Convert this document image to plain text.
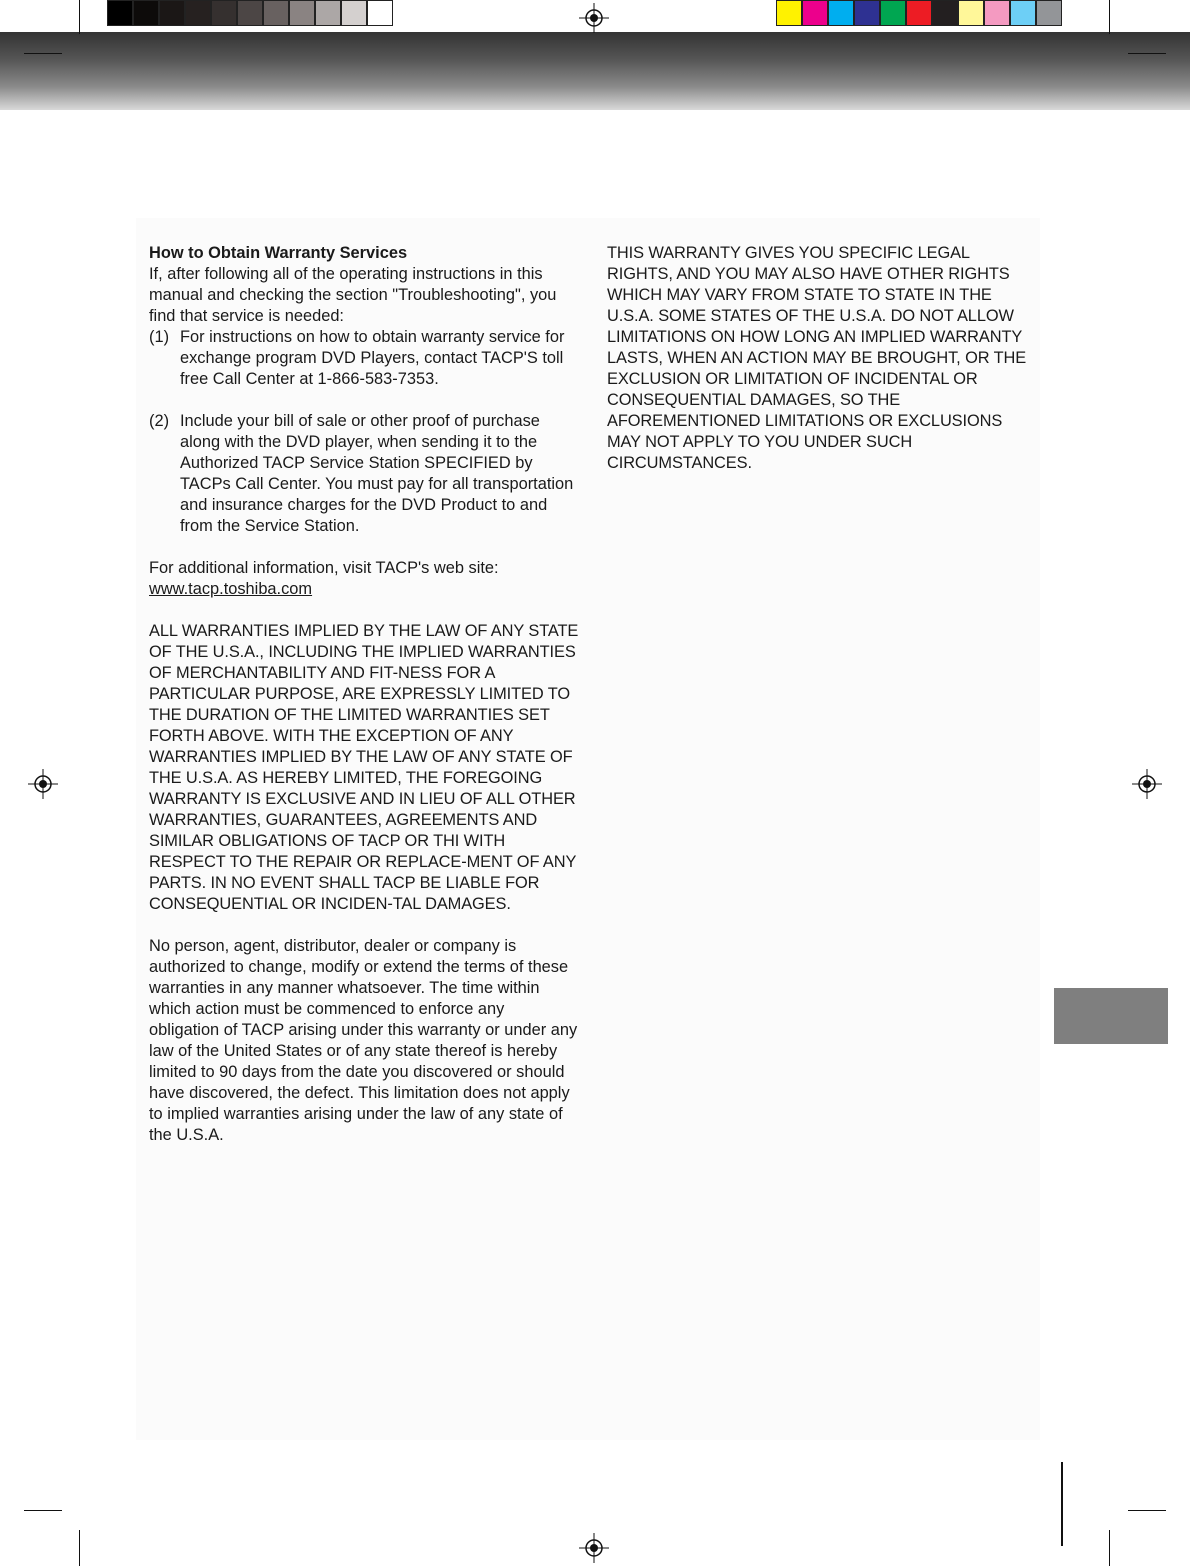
How to Obtain Warranty Services

If, after following all of the operating instructions in this manual and checking the section "Troubleshooting", you find that service is needed:

(1) For instructions on how to obtain warranty service for exchange program DVD Players, contact TACP'S toll free Call Center at 1-866-583-7353.
(2) Include your bill of sale or other proof of purchase along with the DVD player, when sending it to the Authorized TACP Service Station SPECIFIED by TACPs Call Center. You must pay for all transportation and insurance charges for the DVD Product to and from the Service Station.

For additional information, visit TACP's web site:

www.tacp.toshiba.com

ALL WARRANTIES IMPLIED BY THE LAW OF ANY STATE OF THE U.S.A., INCLUDING THE IMPLIED WARRANTIES OF MERCHANTABILITY AND FIT-NESS FOR A PARTICULAR PURPOSE, ARE EXPRESSLY LIMITED TO THE DURATION OF THE LIMITED WARRANTIES SET FORTH ABOVE. WITH THE EXCEPTION OF ANY WARRANTIES IMPLIED BY THE LAW OF ANY STATE OF THE U.S.A. AS HEREBY LIMITED, THE FOREGOING WARRANTY IS EXCLUSIVE AND IN LIEU OF ALL OTHER WARRANTIES, GUARANTEES, AGREEMENTS AND SIMILAR OBLIGATIONS OF TACP OR THI WITH RESPECT TO THE REPAIR OR REPLACE-MENT OF ANY PARTS. IN NO EVENT SHALL TACP BE LIABLE FOR CONSEQUENTIAL OR INCIDEN-TAL DAMAGES.

No person, agent, distributor, dealer or company is authorized to change, modify or extend the terms of these warranties in any manner whatsoever. The time within which action must be commenced to enforce any obligation of TACP arising under this warranty or under any law of the United States or of any state thereof is hereby limited to 90 days from the date you discovered or should have discovered, the defect. This limitation does not apply to implied warranties arising under the law of any state of the U.S.A.

THIS WARRANTY GIVES YOU SPECIFIC LEGAL RIGHTS, AND YOU MAY ALSO HAVE OTHER RIGHTS WHICH MAY VARY FROM STATE TO STATE IN THE U.S.A. SOME STATES OF THE U.S.A. DO NOT ALLOW LIMITATIONS ON HOW LONG AN IMPLIED WARRANTY LASTS, WHEN AN ACTION MAY BE BROUGHT, OR THE EXCLUSION OR LIMITATION OF INCIDENTAL OR CONSEQUENTIAL DAMAGES, SO THE AFOREMENTIONED LIMITATIONS OR EXCLUSIONS MAY NOT APPLY TO YOU UNDER SUCH CIRCUMSTANCES.
